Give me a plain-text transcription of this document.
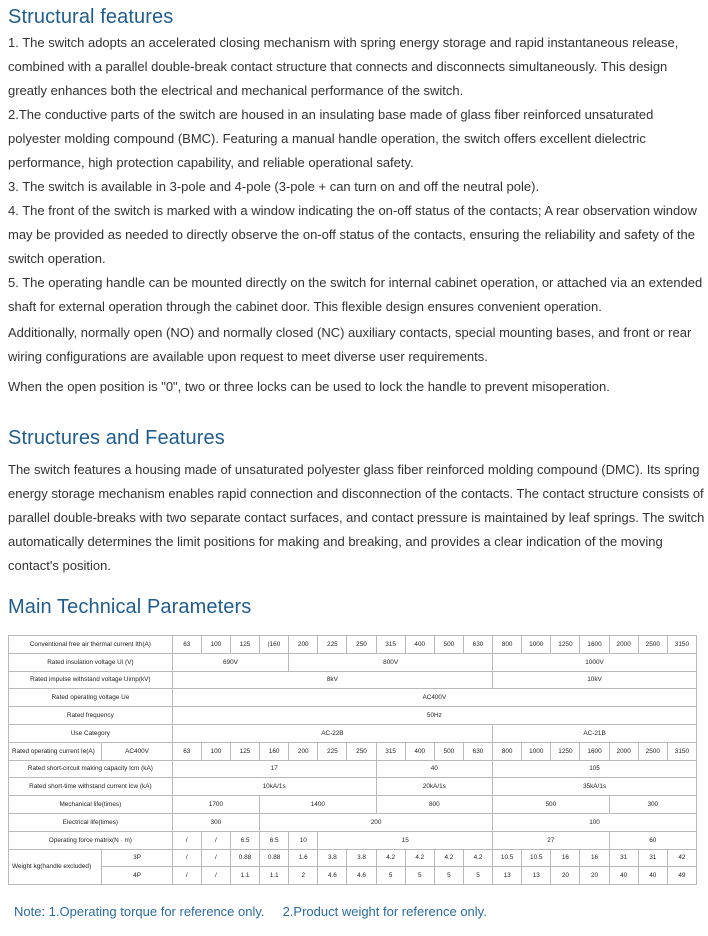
Structural features

1. The switch adopts an accelerated closing mechanism with spring energy storage and rapid instantaneous release, combined with a parallel double-break contact structure that connects and disconnects simultaneously. This design greatly enhances both the electrical and mechanical performance of the switch.

2.The conductive parts of the switch are housed in an insulating base made of glass fiber reinforced unsaturated polyester molding compound (BMC). Featuring a manual handle operation, the switch offers excellent dielectric performance, high protection capability, and reliable operational safety.

3. The switch is available in 3-pole and 4-pole (3-pole + can turn on and off the neutral pole).

4. The front of the switch is marked with a window indicating the on-off status of the contacts; A rear observation window may be provided as needed to directly observe the on-off status of the contacts, ensuring the reliability and safety of the switch operation.

5. The operating handle can be mounted directly on the switch for internal cabinet operation, or attached via an extended shaft for external operation through the cabinet door. This flexible design ensures convenient operation.

Additionally, normally open (NO) and normally closed (NC) auxiliary contacts, special mounting bases, and front or rear wiring configurations are available upon request to meet diverse user requirements.

When the open position is "0", two or three locks can be used to lock the handle to prevent misoperation.

Structures and Features

The switch features a housing made of unsaturated polyester glass fiber reinforced molding compound (DMC). Its spring energy storage mechanism enables rapid connection and disconnection of the contacts. The contact structure consists of parallel double-breaks with two separate contact surfaces, and contact pressure is maintained by leaf springs. The switch automatically determines the limit positions for making and breaking, and provides a clear indication of the moving contact's position.

Main Technical Parameters
Conventional free air thermal current Ith(A)		63	100	125	|160	200	225	250	315	400	500	630	800	1000	1250	1600	2000	2500	3150
Rated insulation voltage Ui (V)		690V				800V							1000V						
Rated impulse withstand voltage Uimp(kV)		8kV											10kV						
Rated operating voltage Ue		AC400V																	
Rated frequency		50Hz																	
Use Category		AC-22B											AC-21B						
Rated operating current Ie(A)	AC400V	63	100	125	160	200	225	250	315	400	500	630	800	1000	1250	1600	2000	2500	3150
Rated short-circuit making capacity Icm (kA)		17							40				105						
Rated short-time withstand current Icw (kA)		10kA/1s							20kA/1s				35kA/1s						
Mechanical life(times)		1700			1400				800				500				300		
Electrical life(times)		300			200								100						
Operating force matrix(N · m)		/	/	6.5	6.5	10	15						27				60		
Weight kg(handle excluded)	3P	/	/	0.88	0.88	1.6	3.8	3.8	4.2	4.2	4.2	4.2	10.5	10.5	16	16	31	31	42
	4P	/	/	1.1	1.1	2	4.6	4.6	5	5	5	5	13	13	20	20	40	40	49
Note: 1.Operating torque for reference only.     2.Product weight for reference only.
